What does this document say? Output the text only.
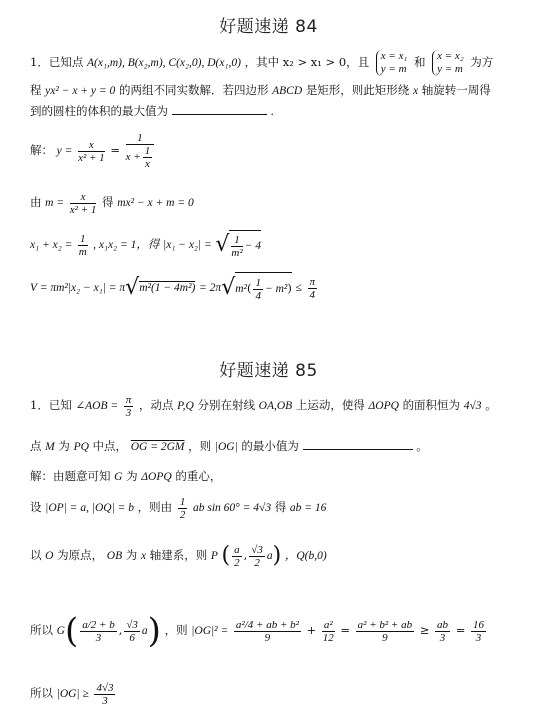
好题速递 84
1．已知点 A(x₁,m), B(x₂,m), C(x₂,0), D(x₁,0) ，其中 x₂ > x₁ > 0，且 x = x₁
y = m 和 x = x₂
y = m 为方
程 yx² − x + y = 0 的两组不同实数解．若四边形 ABCD 是矩形，则此矩形绕 x 轴旋转一周得
到的圆柱的体积的最大值为	.
解： $y = \frac{x}{\text{x² + 1}} = \frac{1}{x + \frac{1}{x}}$
由 $m = \frac{x}{\text{x² + 1}}$ 得 mx² − x + m = 0
$x_1 + x_2 = \frac{1}{m}$ , x₁x₂ = 1，得 |x₁ − x₂| = √ $\frac{1}{\text{m²}} - 4$
$V = \pi m^2|x_2 - x_1| = \pi√m^2(1 - 4m^2) = 2\pi√m^2( \frac{1}{4} - m^2) \le \frac{\pi}{4}$
好题速递 85
1．已知 ∠AOB = $\frac{\pi}{3}$ ，动点 P,Q 分别在射线 OA,OB 上运动，使得 ΔOPQ 的面积恒为 4√3 。
点 M 为 PQ 中点， OG = 2GM ，则 |OG| 的最小值为	。
解：由题意可知 G 为 ΔOPQ 的重心，
设 |OP| = a, |OQ| = b ，则由 $\frac{1}{2}$ ab sin 60° = 4√3 得 ab = 16
以 O 为原点， OB 为 x 轴建系，则 P ( $\frac{a}{2}$ , $\frac{√3}{2} a$) ，Q(b,0)
所以 $G( \frac{a/2 + b}{3}$ , $\frac{√3}{6} a$) ，则 $|OG|^2 = \frac{\text{a²/4 + ab + b²}}{9} + \frac{\text{a²}}{12} = \frac{\text{a² + b² + ab}}{9} \ge \frac{ab}{3} = \frac{16}{3}$
所以 $|OG| \ge \frac{4√3}{3}$
